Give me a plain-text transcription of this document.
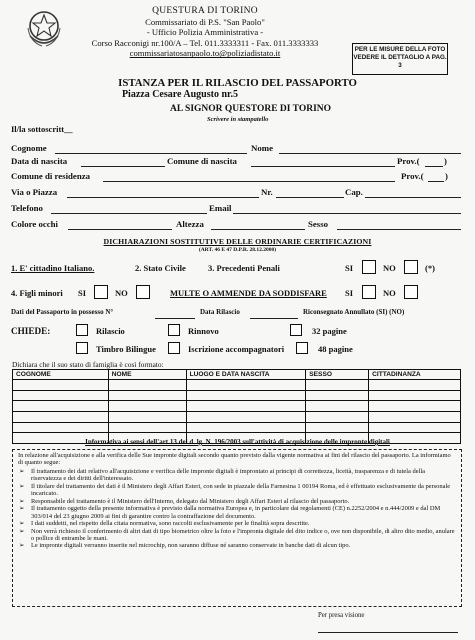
QUESTURA DI TORINO
Commissariato di P.S. "San Paolo"
- Ufficio Polizia Amministrativa -
Corso Racconigi nr.100/A – Tel. 011.3333311 - Fax. 011.3333333
commissariatosanpaolo.to@poliziadistato.it	PER LE MISURE DELLA FOTO VEDERE IL DETTAGLIO A PAG. 3
ISTANZA PER IL RILASCIO DEL PASSAPORTO
Piazza Cesare Augusto nr.5
AL SIGNOR QUESTORE DI TORINO
Scrivere in stampatello
Il/la sottoscritt__
Cognome	Nome
Data di nascita	Comune di nascita	Prov.(	)
Comune di residenza	Prov.( )
Via o Piazza	Nr.	Cap.
Telefono	Email
Colore occhi	Altezza	Sesso
DICHIARAZIONI SOSTITUTIVE DELLE ORDINARIE CERTIFICAZIONI
(ART. 46 E 47 D.P.R. 28.12.2000)
1. E' cittadino Italiano.	2. Stato Civile	3. Precedenti Penali	SI	NO	(*)
4. Figli minori SI	NO	MULTE O AMMENDE DA SODDISFARE SI	NO
Dati del Passaporto in possesso N°	Data Rilascio	Riconsegnato Annullato (SI) (NO)
CHIEDE:	Rilascio	Rinnovo	32 pagine
Timbro Bilingue	Iscrizione accompagnatori	48 pagine
Dichiara che il suo stato di famiglia è così formato:
COGNOME	NOME	LUOGO E DATA NASCITA	SESSO	CITTADINANZA

Informativa ai sensi dell'art.13 del d. lg. N. 196/2003 sull'attività di acquisizione delle impronte digitali
In relazione all'acquisizione e alla verifica delle Sue impronte digitali secondo quanto previsto dalla vigente normativa ai fini del rilascio del passaporto. La informiamo di quanto segue:
➢ Il trattamento dei dati relativo all'acquisizione e verifica delle impronte digitali è improntato ai principi di correttezza, liceità, trasparenza e di tutela della riservatezza e dei diritti dell'interessato.
➢ Il titolare del trattamento dei dati è il Ministero degli Affari Esteri, con sede in piazzale della Farnesina 1 00194 Roma, ed è effettuato esclusivamente da personale incaricato.
➢ Responsabile del trattamento è il Ministero dell'Interno, delegato dal Ministero degli Affari Esteri al rilascio del passaporto.
➢ Il trattamento oggetto della presente informativa è previsto dalla normativa Europea e, in particolare dai regolamenti (CE) n.2252/2004 e n.444/2009 e dal DM 303/014 del 23 giugno 2009 ai fini di garantire contro la contraffazione del documento.
➢ I dati suddetti, nel rispetto della citata normativa, sono raccolti esclusivamente per le finalità sopra descritte.
➢ Non verrà richiesto il conferimento di altri dati di tipo biometrico oltre la foto e l'impronta digitale del dito indice o, ove non disponibile, di altro dito medio, anulare o pollice di entrambe le mani.
➢ Le impronte digitali verranno inserite nel microchip, non saranno diffuse né saranno conservate in banche dati di alcun tipo.
Per presa visione
